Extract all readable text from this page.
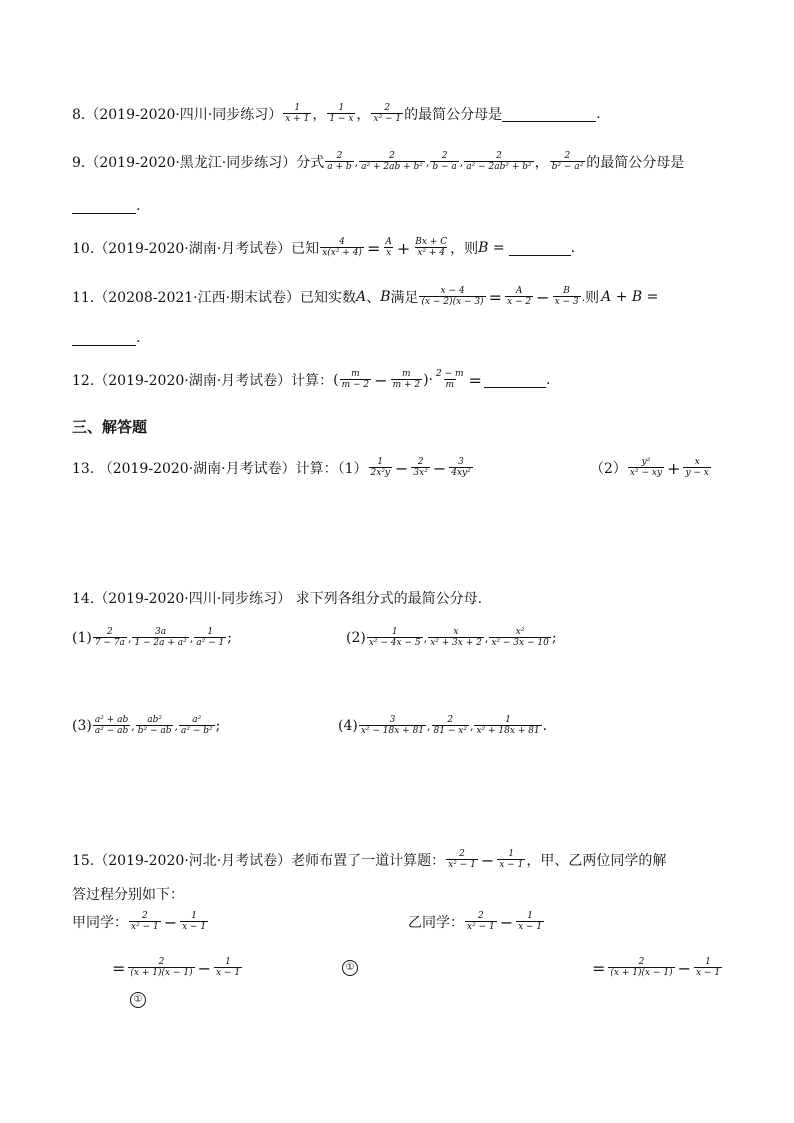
8.（2019-2020·四川·同步练习） $\frac{1}{x + 1}$ ， $\frac{1}{1 - x}$ ， $\frac{2}{\text{x² − 1}}$ 的最简公分母是	.
9.（2019-2020·黑龙江·同步练习）分式 $\frac{2}{a + b}$ , $\frac{2}{\text{a² + 2ab + b²}}$ , $\frac{2}{b - a}$ , $\frac{2}{\text{a² − 2ab² + b²}}$ ， $\frac{2}{\text{b² − a²}}$ 的最简公分母是
.
10.（2019-2020·湖南·月考试卷）已知 $\frac{4}{\text{x(x² + 4)}} = \frac{A}{x} + \frac{Bx + C}{\text{x² + 4}}$ ，则 B =	.
11.（20208-2021·江西·期末试卷）已知实数 A 、 B 满足 $\frac{x - 4}{(x - 2)(x - 3)} = \frac{A}{x - 2} - \frac{B}{x - 3}$ . 则 A + B =
.
12.（2019-2020·湖南·月考试卷）计算： ( $\frac{m}{m - 2} - \frac{m}{m + 2}$ )· $\frac{2 - m}{m}$ =	.
三、解答题
13. （2019-2020·湖南·月考试卷）计算：$(1) \frac{1}{\text{2x²y}} - \frac{2}{\text{3x²}} - \frac{3}{\text{4xy²}}$	$(2) \frac{\text{y²}}{\text{x² − xy}} + \frac{x}{y - x}$
14.（2019-2020·四川·同步练习） 求下列各组分式的最简公分母.
$(1) \frac{2}{7 - 7a}$ , $\frac{3a}{\text{1 − 2a + a²}}$ , $\frac{1}{\text{a² − 1}}$ ;	$(2) \frac{1}{\text{x² − 4x − 5}}$ , $\frac{x}{\text{x² + 3x + 2}}$ , $\frac{\text{x²}}{\text{x² − 3x − 10}}$ ;
$(3) \frac{\text{a² + ab}}{\text{a² − ab}}$ , $\frac{\text{ab²}}{\text{b² − ab}}$ , $\frac{\text{a²}}{\text{a² − b²}}$ ;	$(4) \frac{3}{\text{x² − 18x + 81}}$ , $\frac{2}{\text{81 − x²}}$ , $\frac{1}{\text{x² + 18x + 81}}$ .
15.（2019-2020·河北·月考试卷）老师布置了一道计算题： $\frac{2}{\text{x² − 1}} - \frac{1}{x - 1}$ ，甲、乙两位同学的解
答过程分别如下：
甲同学： $\frac{2}{\text{x² − 1}} - \frac{1}{x - 1}$	乙同学： $\frac{2}{\text{x² − 1}} - \frac{1}{x - 1}$
= $\frac{2}{(x + 1)(x - 1)} - \frac{1}{x - 1}$	①	= $\frac{2}{(x + 1)(x - 1)} - \frac{1}{x - 1}$
①
